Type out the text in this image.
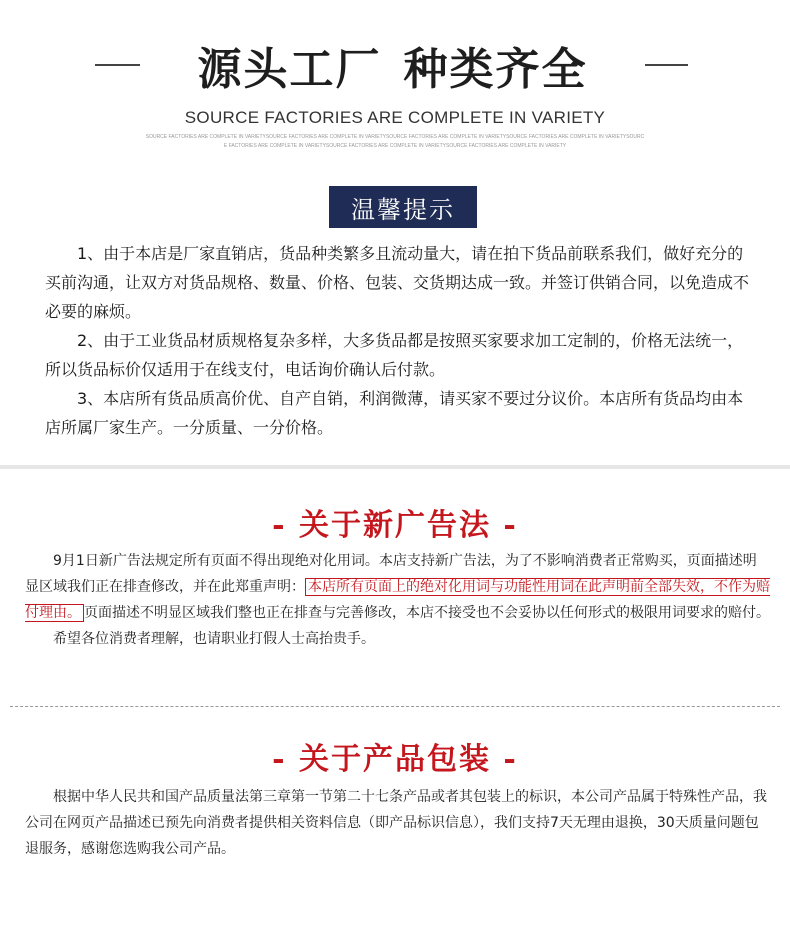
源头工厂 种类齐全
SOURCE FACTORIES ARE COMPLETE IN VARIETY
SOURCE FACTORIES ARE COMPLETE IN VARIETYSOURCE FACTORIES ARE COMPLETE IN VARIETYSOURCE FACTORIES ARE COMPLETE IN VARIETYSOURCE FACTORIES ARE COMPLETE IN VARIETYSOURC
E FACTORIES ARE COMPLETE IN VARIETYSOURCE FACTORIES ARE COMPLETE IN VARIETYSOURCE FACTORIES ARE COMPLETE IN VARIETY
温馨提示

1、由于本店是厂家直销店，货品种类繁多且流动量大，请在拍下货品前联系我们，做好充分的买前沟通，让双方对货品规格、数量、价格、包装、交货期达成一致。并签订供销合同，以免造成不必要的麻烦。

2、由于工业货品材质规格复杂多样，大多货品都是按照买家要求加工定制的，价格无法统一，所以货品标价仅适用于在线支付，电话询价确认后付款。

3、本店所有货品质高价优、自产自销，利润微薄，请买家不要过分议价。本店所有货品均由本店所属厂家生产。一分质量、一分价格。

- 关于新广告法 -

9月1日新广告法规定所有页面不得出现绝对化用词。本店支持新广告法，为了不影响消费者正常购买，页面描述明显区域我们正在排查修改，并在此郑重声明： 本店所有页面上的绝对化用词与功能性用词在此声明前全部失效，不作为赔付理由。 页面描述不明显区域我们整也正在排查与完善修改，本店不接受也不会妥协以任何形式的极限用词要求的赔付。

希望各位消费者理解，也请职业打假人士高抬贵手。

- 关于产品包装 -

根据中华人民共和国产品质量法第三章第一节第二十七条产品或者其包装上的标识，本公司产品属于特殊性产品，我公司在网页产品描述已预先向消费者提供相关资料信息（即产品标识信息），我们支持7天无理由退换，30天质量问题包退服务，感谢您选购我公司产品。
